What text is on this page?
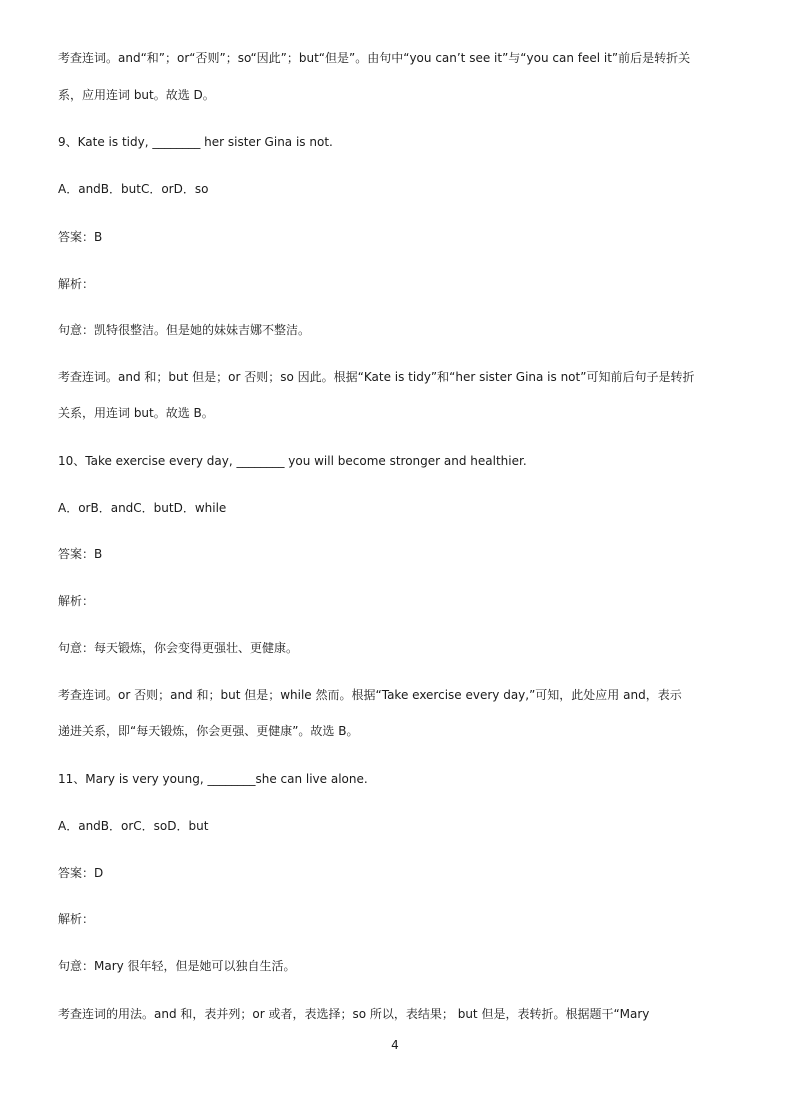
考查连词。and“和”；or“否则”；so“因此”；but“但是”。由句中“you can’t see it”与“you can feel it”前后是转折关
系，应用连词 but。故选 D。
9、Kate is tidy, ________ her sister Gina is not.
A．andB．butC．orD．so
答案：B
解析：
句意：凯特很整洁。但是她的妹妹吉娜不整洁。
考查连词。and 和；but 但是；or 否则；so 因此。根据“Kate is tidy”和“her sister Gina is not”可知前后句子是转折
关系，用连词 but。故选 B。
10、Take exercise every day, ________ you will become stronger and healthier.
A．orB．andC．butD．while
答案：B
解析：
句意：每天锻炼，你会变得更强壮、更健康。
考查连词。or 否则；and 和；but 但是；while 然而。根据“Take exercise every day,”可知，此处应用 and，表示
递进关系，即“每天锻炼，你会更强、更健康”。故选 B。
11、Mary is very young, ________she can live alone.
A．andB．orC．soD．but
答案：D
解析：
句意：Mary 很年轻，但是她可以独自生活。
考查连词的用法。and 和，表并列；or 或者，表选择；so 所以，表结果； but 但是，表转折。根据题干“Mary
4
